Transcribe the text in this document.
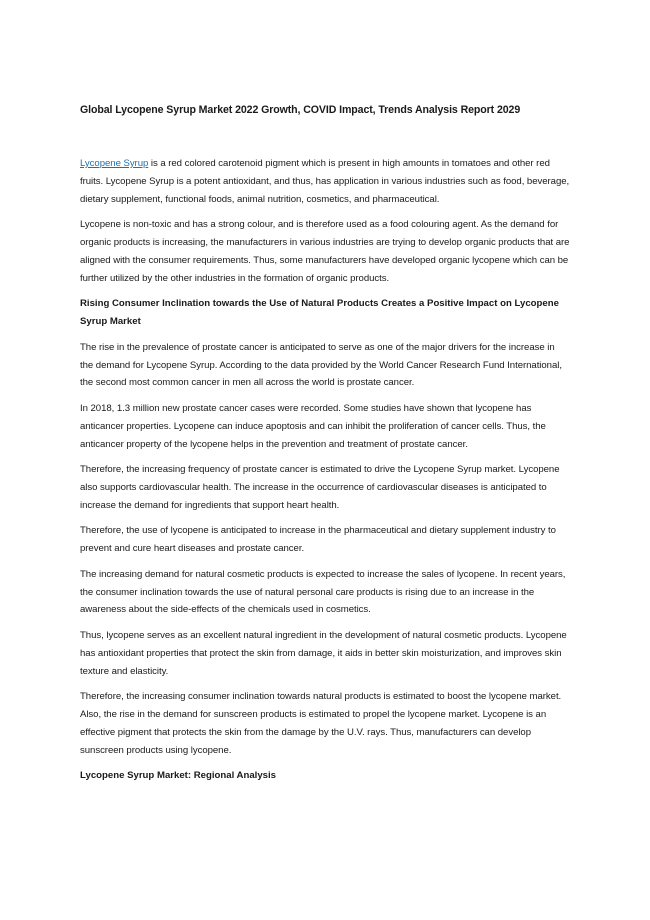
Global Lycopene Syrup Market 2022 Growth, COVID Impact, Trends Analysis Report 2029

Lycopene Syrup is a red colored carotenoid pigment which is present in high amounts in tomatoes and other red fruits. Lycopene Syrup is a potent antioxidant, and thus, has application in various industries such as food, beverage, dietary supplement, functional foods, animal nutrition, cosmetics, and pharmaceutical.

Lycopene is non-toxic and has a strong colour, and is therefore used as a food colouring agent. As the demand for organic products is increasing, the manufacturers in various industries are trying to develop organic products that are aligned with the consumer requirements. Thus, some manufacturers have developed organic lycopene which can be further utilized by the other industries in the formation of organic products.

Rising Consumer Inclination towards the Use of Natural Products Creates a Positive Impact on Lycopene Syrup Market

The rise in the prevalence of prostate cancer is anticipated to serve as one of the major drivers for the increase in the demand for Lycopene Syrup. According to the data provided by the World Cancer Research Fund International, the second most common cancer in men all across the world is prostate cancer.

In 2018, 1.3 million new prostate cancer cases were recorded. Some studies have shown that lycopene has anticancer properties. Lycopene can induce apoptosis and can inhibit the proliferation of cancer cells. Thus, the anticancer property of the lycopene helps in the prevention and treatment of prostate cancer.

Therefore, the increasing frequency of prostate cancer is estimated to drive the Lycopene Syrup market. Lycopene also supports cardiovascular health. The increase in the occurrence of cardiovascular diseases is anticipated to increase the demand for ingredients that support heart health.

Therefore, the use of lycopene is anticipated to increase in the pharmaceutical and dietary supplement industry to prevent and cure heart diseases and prostate cancer.

The increasing demand for natural cosmetic products is expected to increase the sales of lycopene. In recent years, the consumer inclination towards the use of natural personal care products is rising due to an increase in the awareness about the side-effects of the chemicals used in cosmetics.

Thus, lycopene serves as an excellent natural ingredient in the development of natural cosmetic products. Lycopene has antioxidant properties that protect the skin from damage, it aids in better skin moisturization, and improves skin texture and elasticity.

Therefore, the increasing consumer inclination towards natural products is estimated to boost the lycopene market. Also, the rise in the demand for sunscreen products is estimated to propel the lycopene market. Lycopene is an effective pigment that protects the skin from the damage by the U.V. rays. Thus, manufacturers can develop sunscreen products using lycopene.

Lycopene Syrup Market: Regional Analysis
